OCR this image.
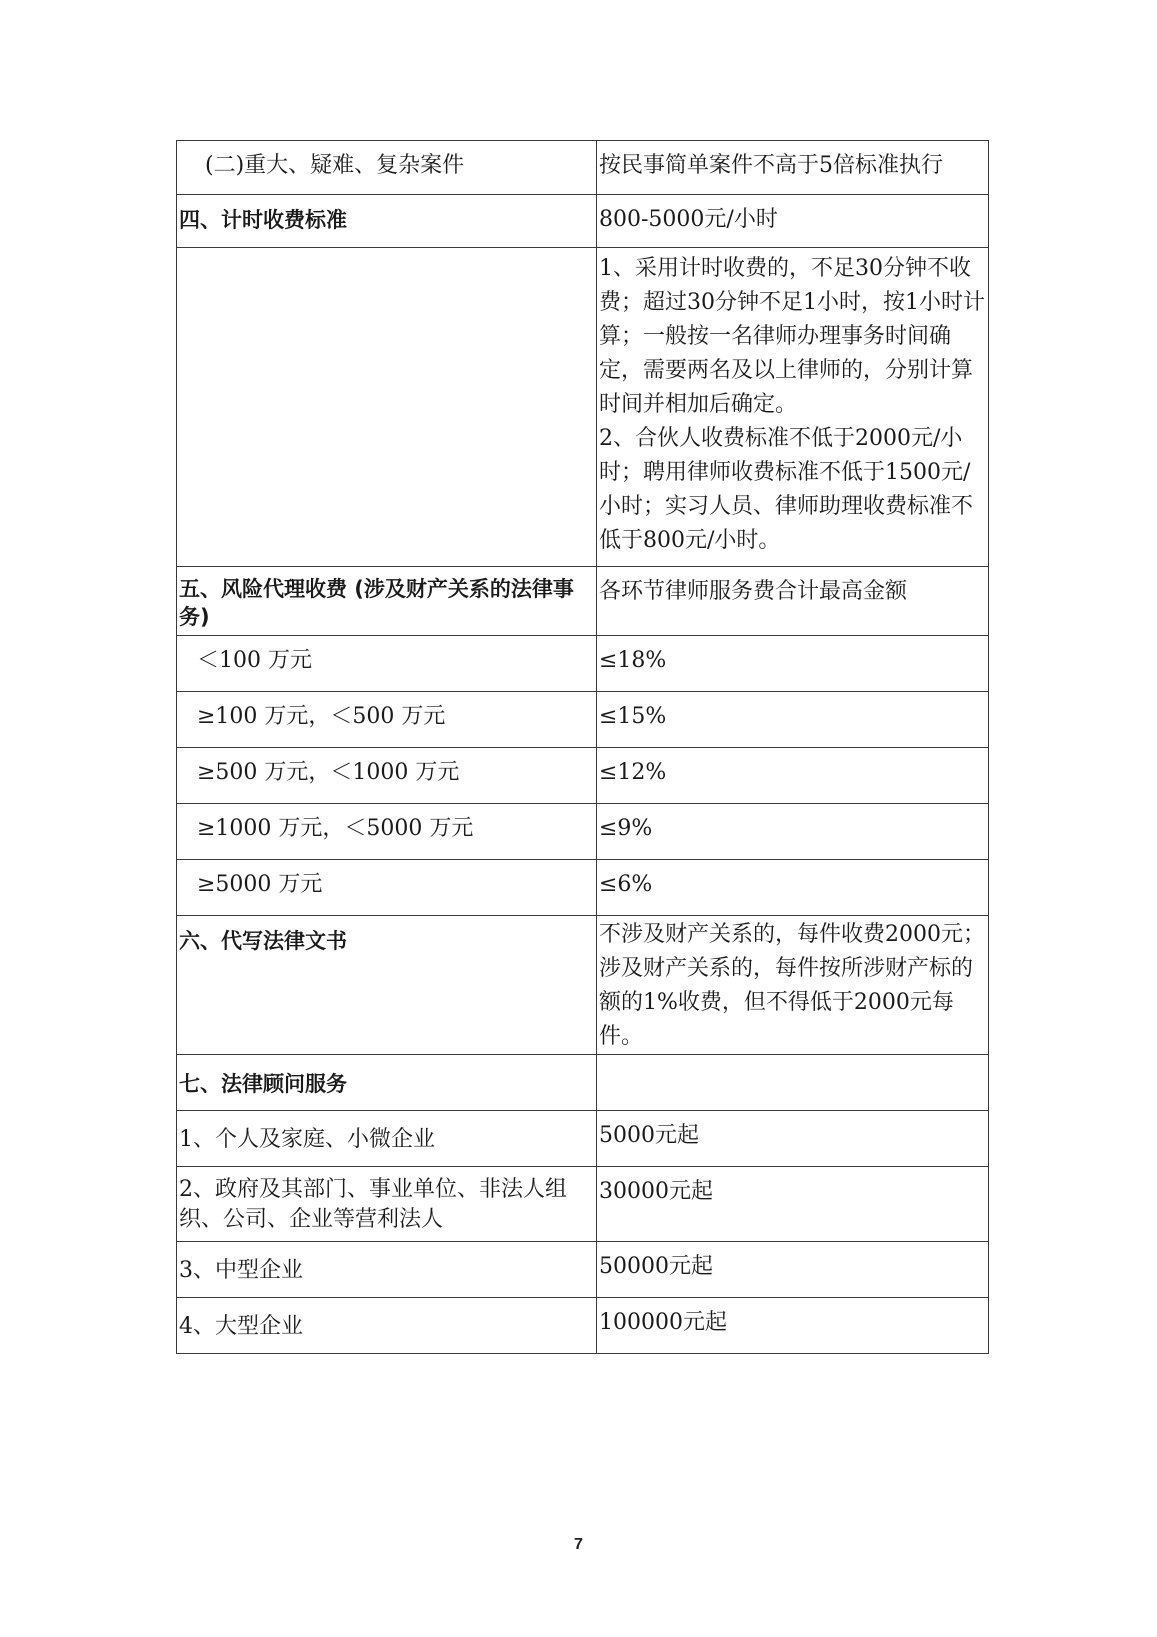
(二)重大、疑难、复杂案件	按民事简单案件不高于5倍标准执行

四、计时收费标准	800-5000元/小时

	1、采用计时收费的，不足30分钟不收费；超过30分钟不足1小时，按1小时计算；一般按一名律师办理事务时间确定，需要两名及以上律师的，分别计算时间并相加后确定。
2、合伙人收费标准不低于2000元/小时；聘用律师收费标准不低于1500元/小时；实习人员、律师助理收费标准不低于800元/小时。

五、风险代理收费 (涉及财产关系的法律事务)	各环节律师服务费合计最高金额

＜100 万元	≤18%

≥100 万元，＜500 万元	≤15%

≥500 万元，＜1000 万元	≤12%

≥1000 万元，＜5000 万元	≤9%

≥5000 万元	≤6%

六、代写法律文书	不涉及财产关系的，每件收费2000元；涉及财产关系的，每件按所涉财产标的额的1%收费，但不得低于2000元每件。

七、法律顾问服务	

1、个人及家庭、小微企业	5000元起

2、政府及其部门、事业单位、非法人组织、公司、企业等营利法人	30000元起

3、中型企业	50000元起

4、大型企业	100000元起
7
